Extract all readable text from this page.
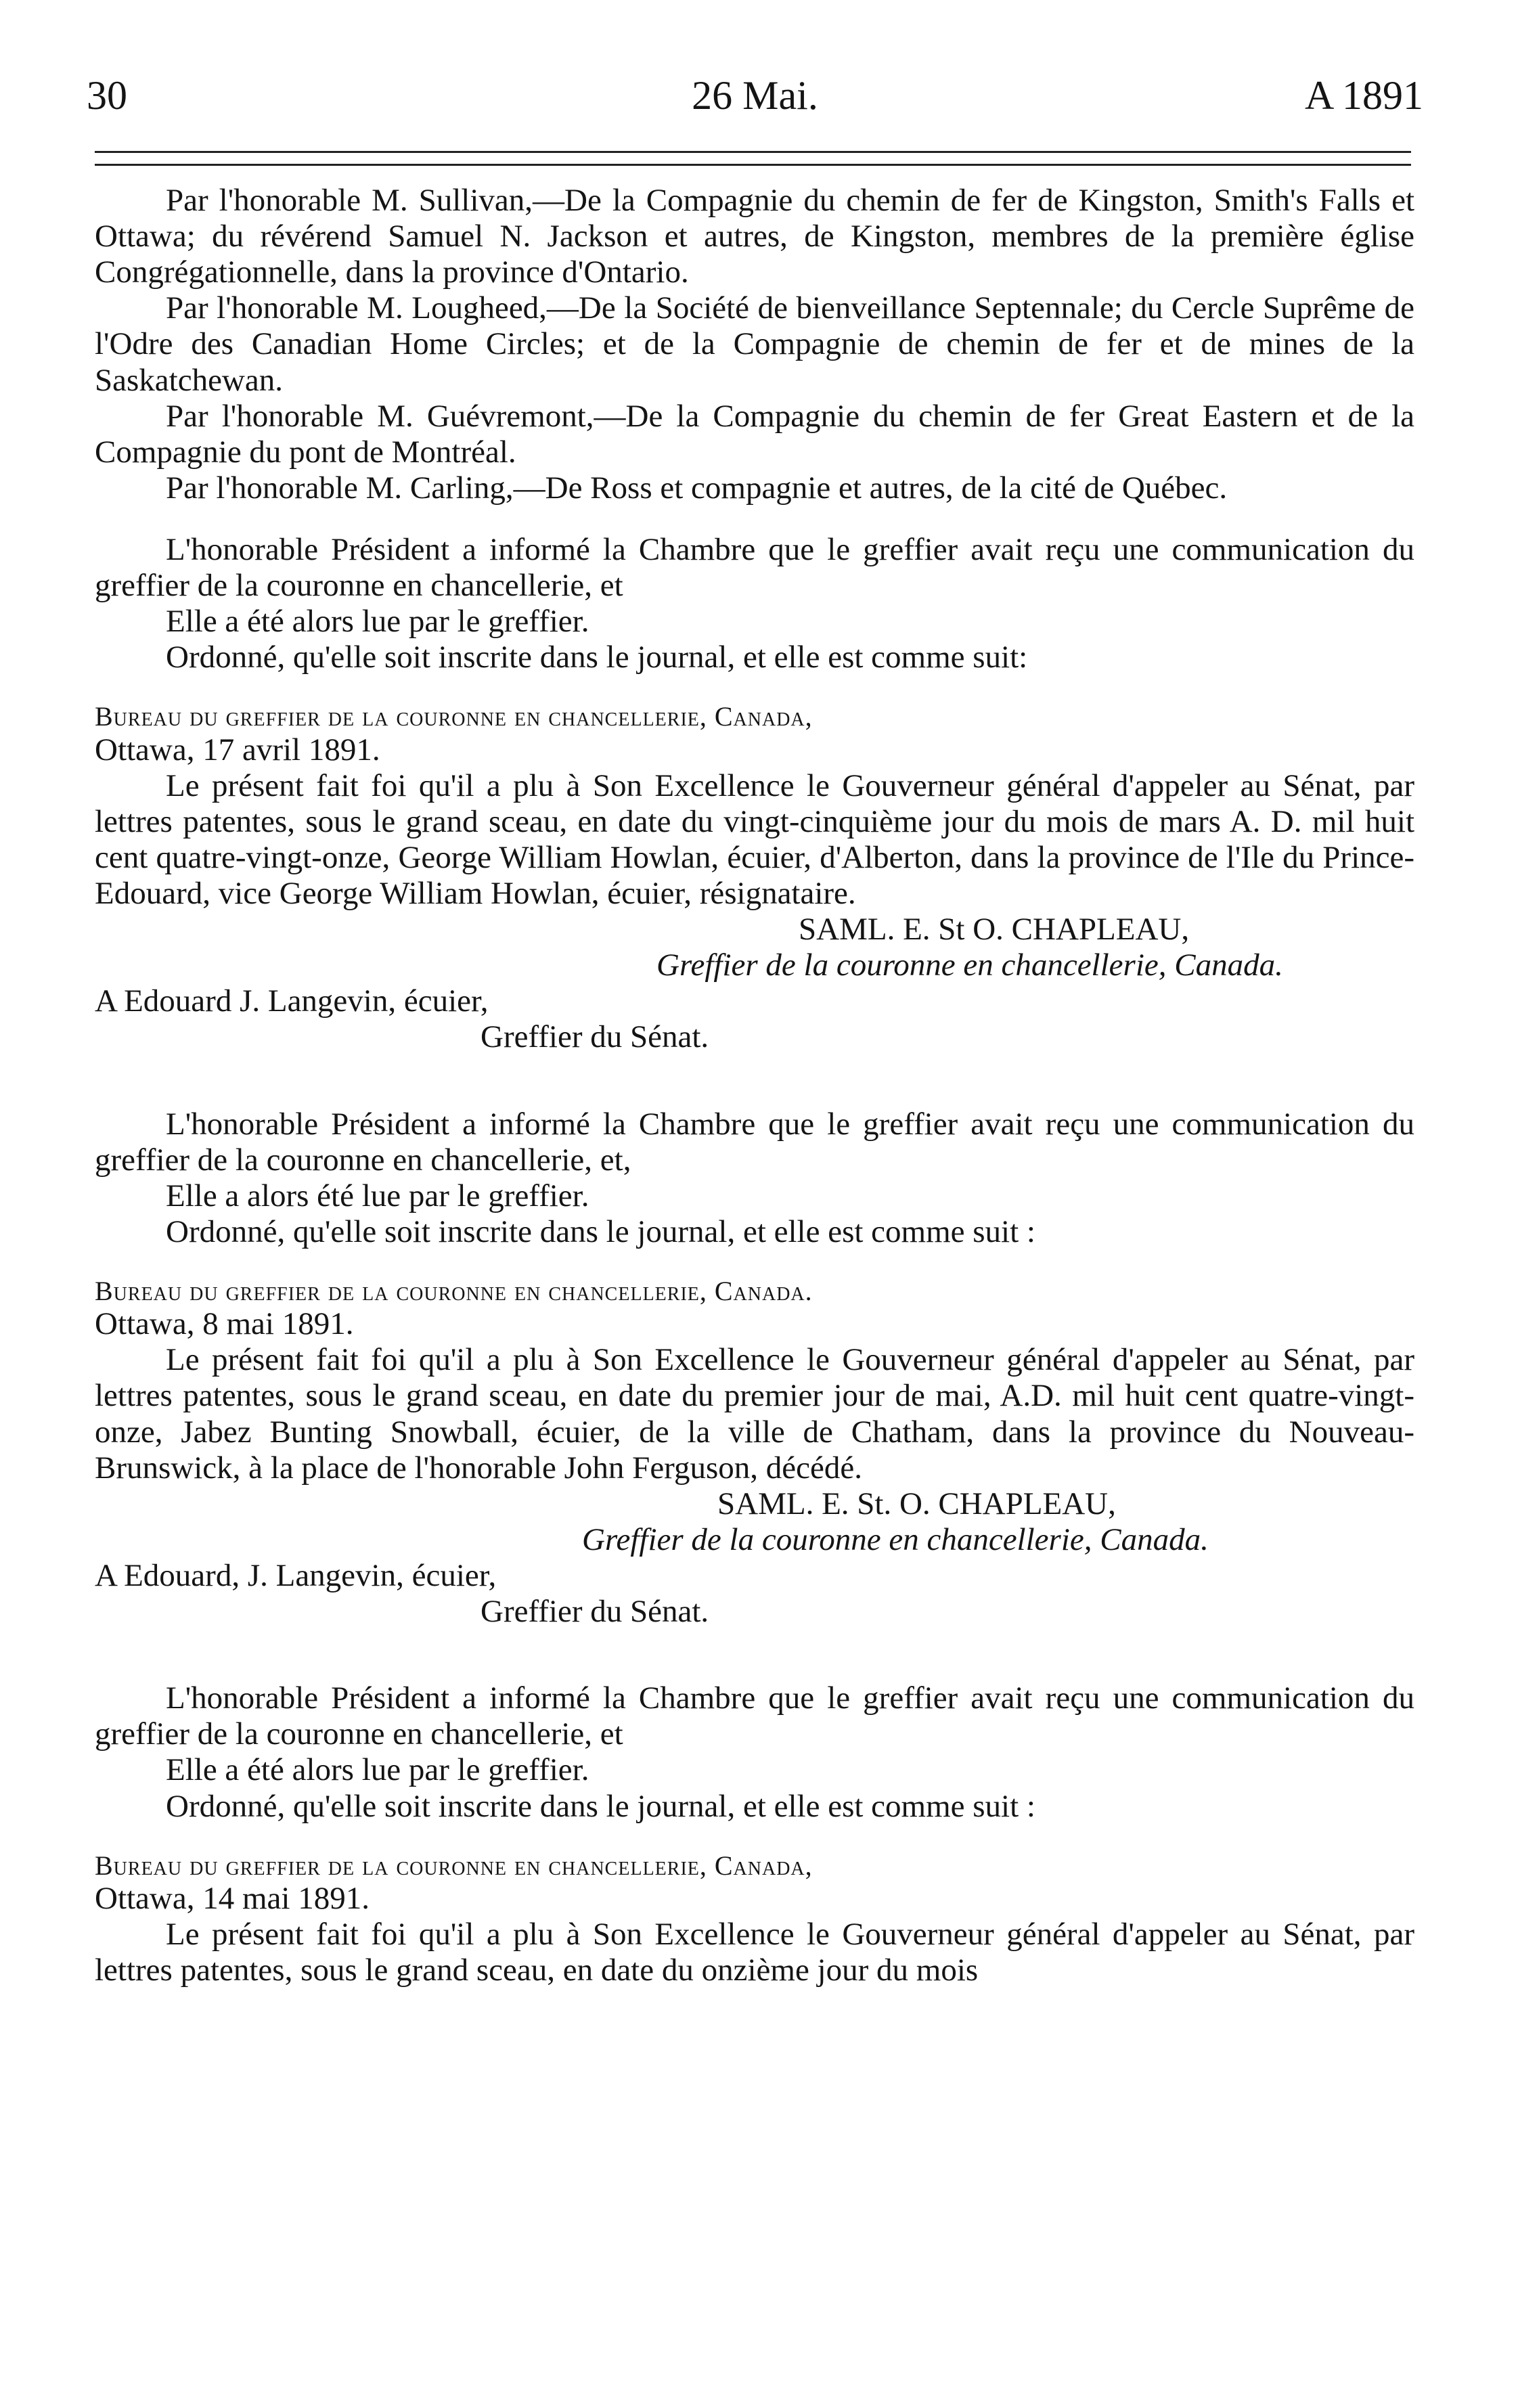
30	26 Mai.	A 1891

Par l'honorable M. Sullivan,—De la Compagnie du chemin de fer de Kingston, Smith's Falls et Ottawa; du révérend Samuel N. Jackson et autres, de Kingston, membres de la première église Congrégationnelle, dans la province d'Ontario.

Par l'honorable M. Lougheed,—De la Société de bienveillance Septennale; du Cercle Suprême de l'Odre des Canadian Home Circles; et de la Compagnie de chemin de fer et de mines de la Saskatchewan.

Par l'honorable M. Guévremont,—De la Compagnie du chemin de fer Great Eastern et de la Compagnie du pont de Montréal.

Par l'honorable M. Carling,—De Ross et compagnie et autres, de la cité de Québec.

L'honorable Président a informé la Chambre que le greffier avait reçu une communication du greffier de la couronne en chancellerie, et

Elle a été alors lue par le greffier.

Ordonné, qu'elle soit inscrite dans le journal, et elle est comme suit:

Bureau du greffier de la couronne en chancellerie, Canada,

Ottawa, 17 avril 1891.

Le présent fait foi qu'il a plu à Son Excellence le Gouverneur général d'appeler au Sénat, par lettres patentes, sous le grand sceau, en date du vingt-cinquième jour du mois de mars A. D. mil huit cent quatre-vingt-onze, George William Howlan, écuier, d'Alberton, dans la province de l'Ile du Prince-Edouard, vice George William Howlan, écuier, résignataire.

SAML. E. St O. CHAPLEAU,

Greffier de la couronne en chancellerie, Canada.

A Edouard J. Langevin, écuier,

Greffier du Sénat.

L'honorable Président a informé la Chambre que le greffier avait reçu une communication du greffier de la couronne en chancellerie, et,

Elle a alors été lue par le greffier.

Ordonné, qu'elle soit inscrite dans le journal, et elle est comme suit :

Bureau du greffier de la couronne en chancellerie, Canada.

Ottawa, 8 mai 1891.

Le présent fait foi qu'il a plu à Son Excellence le Gouverneur général d'appeler au Sénat, par lettres patentes, sous le grand sceau, en date du premier jour de mai, A.D. mil huit cent quatre-vingt-onze, Jabez Bunting Snowball, écuier, de la ville de Chatham, dans la province du Nouveau-Brunswick, à la place de l'honorable John Ferguson, décédé.

SAML. E. St. O. CHAPLEAU,

Greffier de la couronne en chancellerie, Canada.

A Edouard, J. Langevin, écuier,

Greffier du Sénat.

L'honorable Président a informé la Chambre que le greffier avait reçu une communication du greffier de la couronne en chancellerie, et

Elle a été alors lue par le greffier.

Ordonné, qu'elle soit inscrite dans le journal, et elle est comme suit :

Bureau du greffier de la couronne en chancellerie, Canada,

Ottawa, 14 mai 1891.

Le présent fait foi qu'il a plu à Son Excellence le Gouverneur général d'appeler au Sénat, par lettres patentes, sous le grand sceau, en date du onzième jour du mois
